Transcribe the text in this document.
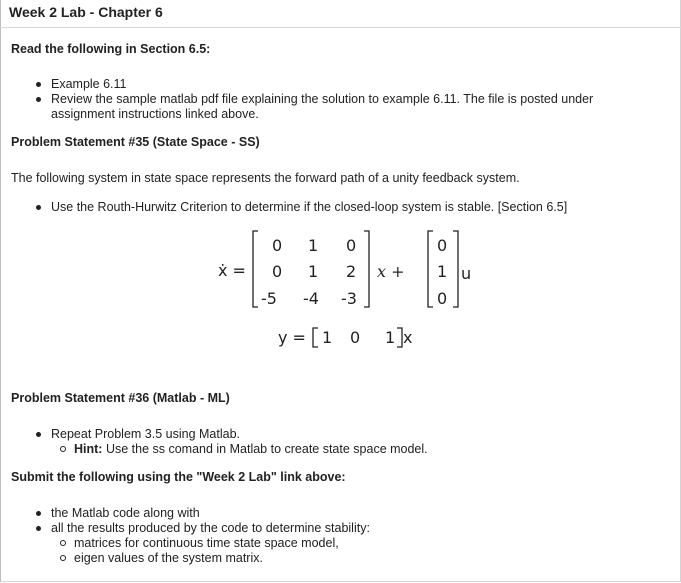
Week 2 Lab - Chapter 6
Read the following in Section 6.5:
Example 6.11
Review the sample matlab pdf file explaining the solution to example 6.11. The file is posted under assignment instructions linked above.
Problem Statement #35 (State Space - SS)
The following system in state space represents the forward path of a unity feedback system.
Use the Routh-Hurwitz Criterion to determine if the closed-loop system is stable. [Section 6.5]
ẋ =
0 1 0
0 1 2
-5 -4 -3
x +
0
1
0
u
y = 1 0 1 x
Problem Statement #36 (Matlab - ML)
Repeat Problem 3.5 using Matlab.
Hint: Use the ss comand in Matlab to create state space model.
Submit the following using the "Week 2 Lab" link above:
the Matlab code along with
all the results produced by the code to determine stability:
matrices for continuous time state space model,
eigen values of the system matrix.
